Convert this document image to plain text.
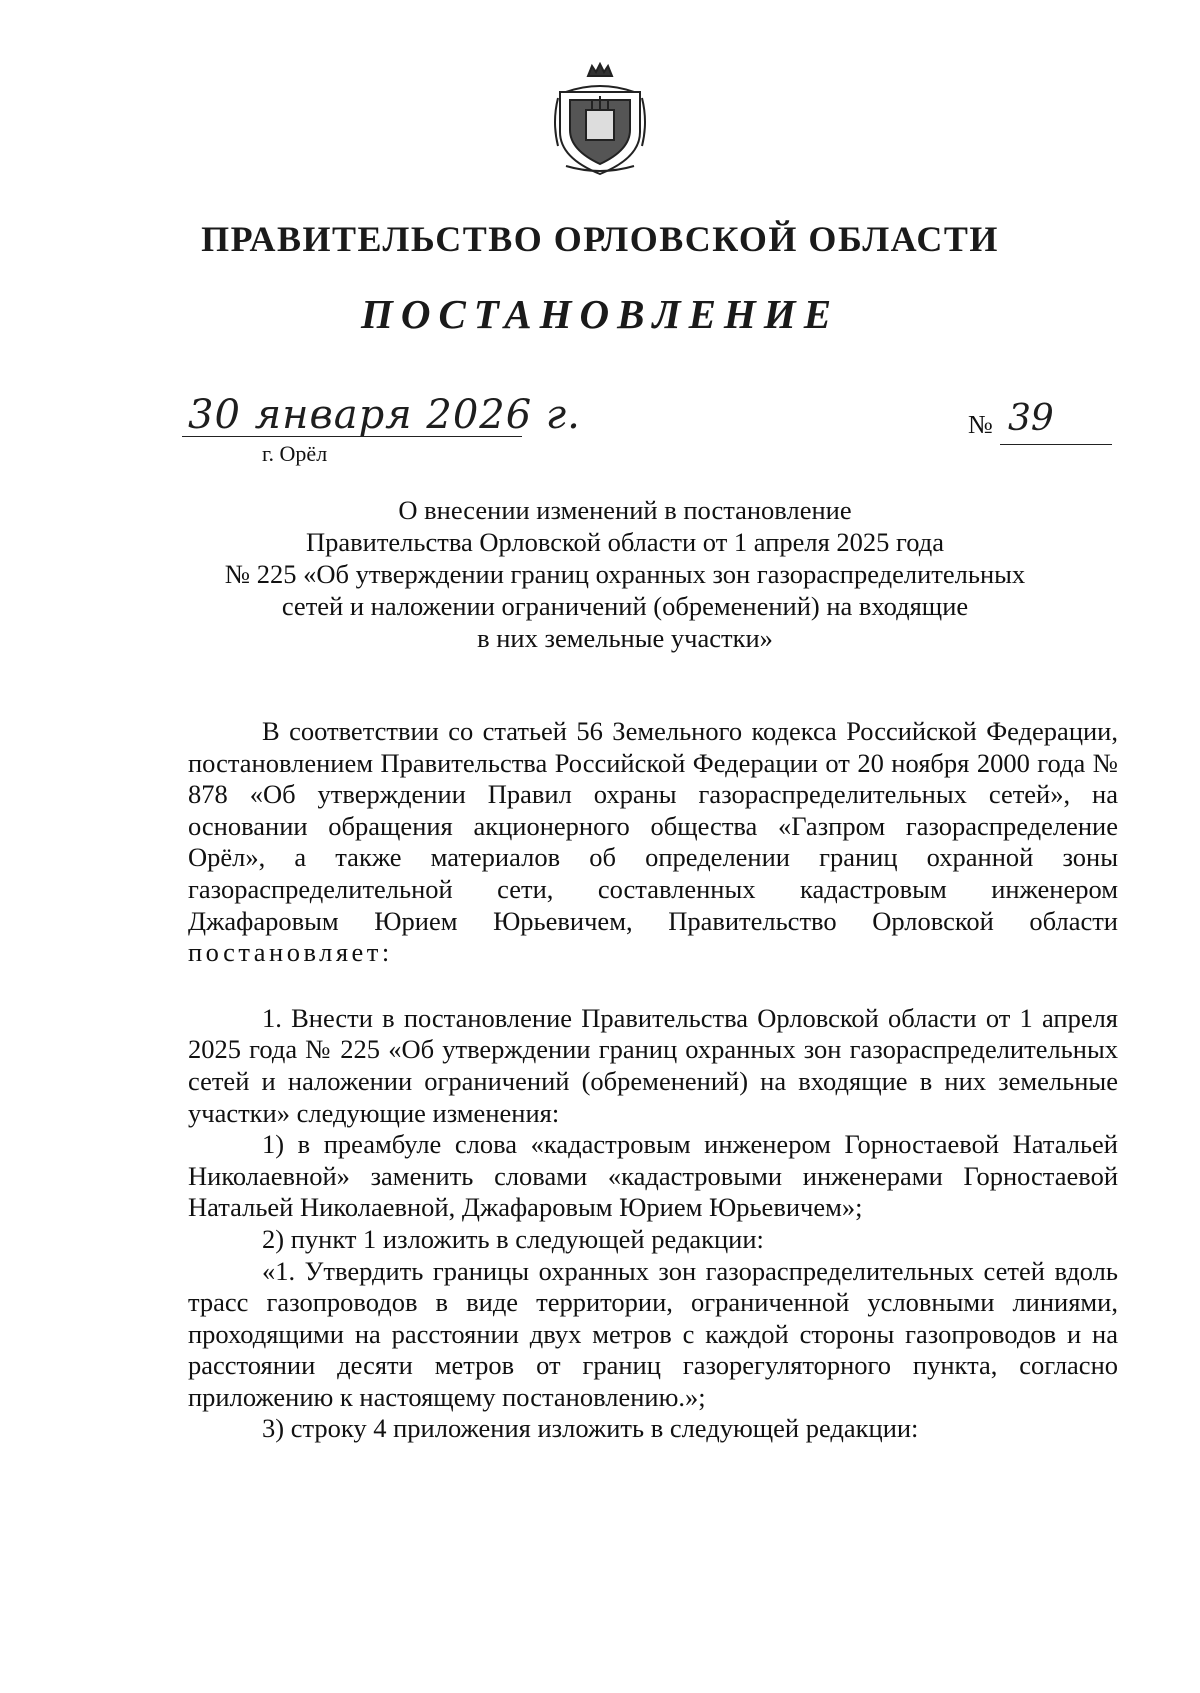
ПРАВИТЕЛЬСТВО ОРЛОВСКОЙ ОБЛАСТИ
ПОСТАНОВЛЕНИЕ
30 января 2026 г.
г. Орёл
№ 39
О внесении изменений в постановление
Правительства Орловской области от 1 апреля 2025 года
№ 225 «Об утверждении границ охранных зон газораспределительных
сетей и наложении ограничений (обременений) на входящие
в них земельные участки»
В соответствии со статьей 56 Земельного кодекса Российской Федерации, постановлением Правительства Российской Федерации от 20 ноября 2000 года № 878 «Об утверждении Правил охраны газораспределительных сетей», на основании обращения акционерного общества «Газпром газораспределение Орёл», а также материалов об определении границ охранной зоны газораспределительной сети, составленных кадастровым инженером Джафаровым Юрием Юрьевичем, Правительство Орловской области постановляет:
1. Внести в постановление Правительства Орловской области от 1 апреля 2025 года № 225 «Об утверждении границ охранных зон газораспределительных сетей и наложении ограничений (обременений) на входящие в них земельные участки» следующие изменения:
1) в преамбуле слова «кадастровым инженером Горностаевой Натальей Николаевной» заменить словами «кадастровыми инженерами Горностаевой Натальей Николаевной, Джафаровым Юрием Юрьевичем»;
2) пункт 1 изложить в следующей редакции:
«1. Утвердить границы охранных зон газораспределительных сетей вдоль трасс газопроводов в виде территории, ограниченной условными линиями, проходящими на расстоянии двух метров с каждой стороны газопроводов и на расстоянии десяти метров от границ газорегуляторного пункта, согласно приложению к настоящему постановлению.»;
3) строку 4 приложения изложить в следующей редакции:
